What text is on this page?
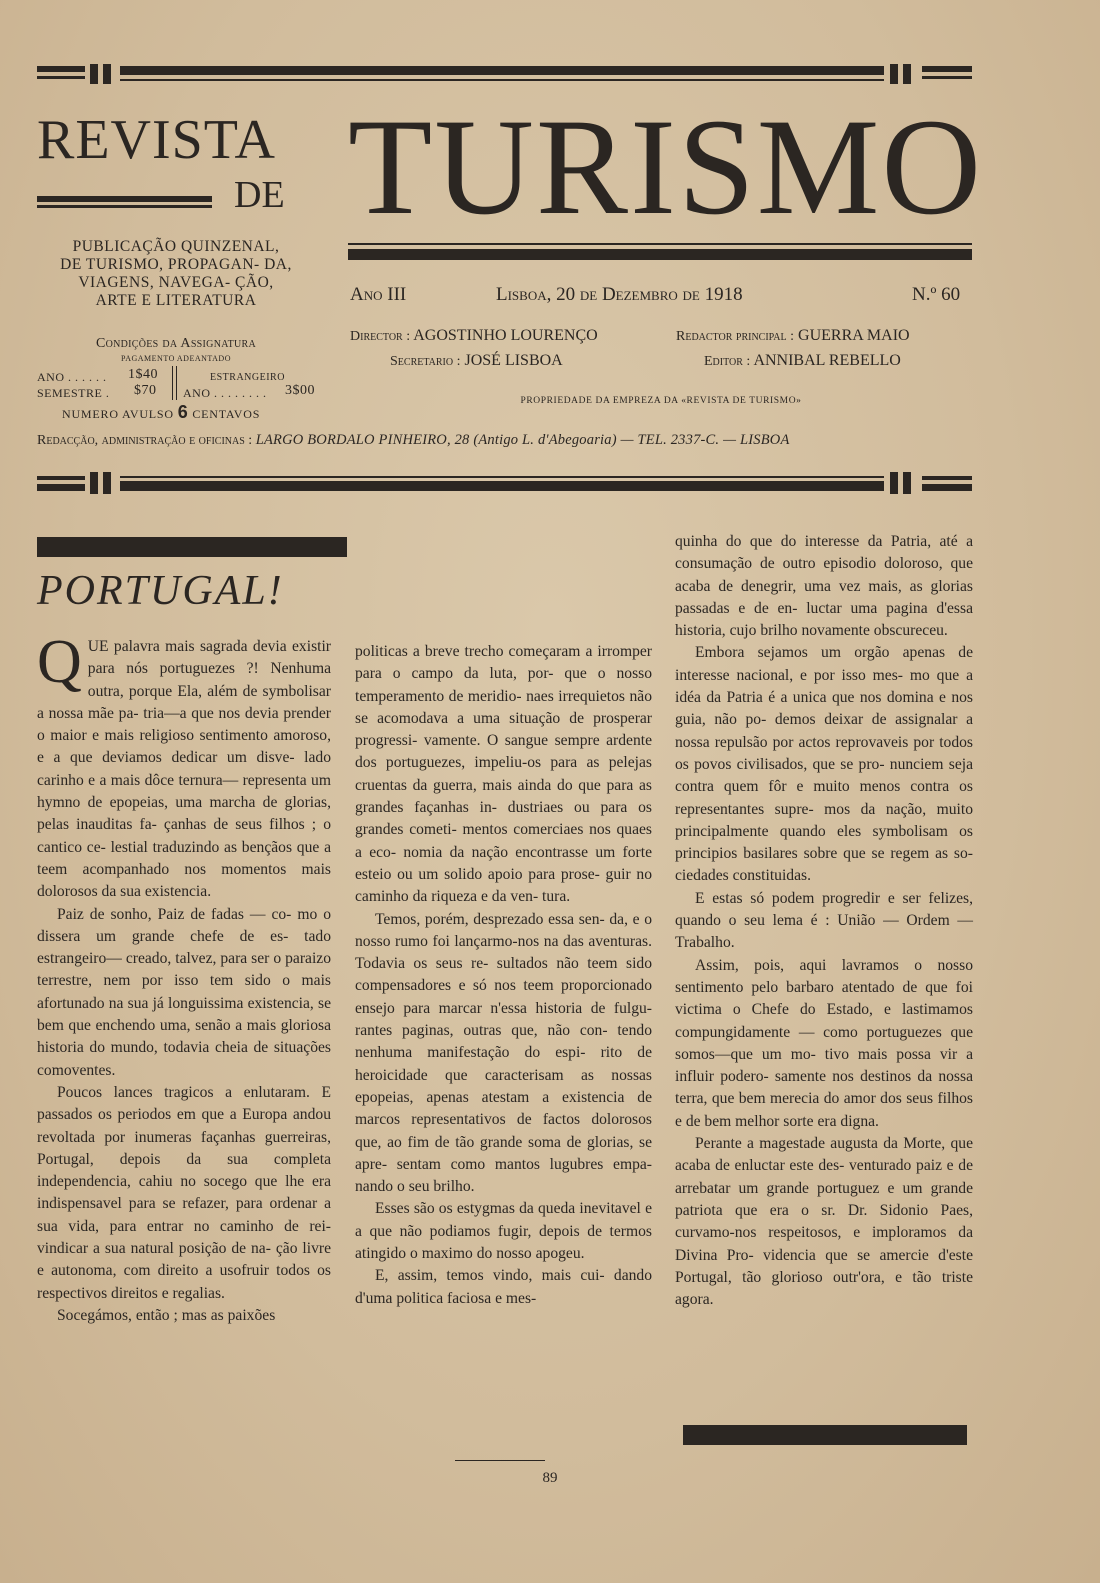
REVISTA
DE TURISMO
PUBLICAÇÃO QUINZENAL, DE TURISMO, PROPAGAN- DA, VIAGENS, NAVEGA- ÇÃO, ARTE E LITERATURA
Condições da Assignatura
PAGAMENTO ADEANTADO
ANO . . . . . . 1$40
SEMESTRE . $70
ESTRANGEIRO
ANO . . . . . . . . 3$00
NUMERO AVULSO 6 CENTAVOS
Ano III	Lisboa, 20 de Dezembro de 1918	N.º 60
Director : AGOSTINHO LOURENÇO	Redactor principal : GUERRA MAIO
Secretario : JOSÉ LISBOA	Editor : ANNIBAL REBELLO
PROPRIEDADE DA EMPREZA DA «REVISTA DE TURISMO»
Redacção, administração e oficinas : LARGO BORDALO PINHEIRO, 28 (Antigo L. d'Abegoaria) — TEL. 2337-C. — LISBOA
PORTUGAL!

QUE palavra mais sagrada devia existir para nós portuguezes ?! Nenhuma outra, porque Ela, além de symbolisar a nossa mãe pa- tria—a que nos devia prender o maior e mais religioso sentimento amoroso, e a que deviamos dedicar um disve- lado carinho e a mais dôce ternura— representa um hymno de epopeias, uma marcha de glorias, pelas inauditas fa- çanhas de seus filhos ; o cantico ce- lestial traduzindo as bençãos que a teem acompanhado nos momentos mais dolorosos da sua existencia.

Paiz de sonho, Paiz de fadas — co- mo o dissera um grande chefe de es- tado estrangeiro— creado, talvez, para ser o paraizo terrestre, nem por isso tem sido o mais afortunado na sua já longuissima existencia, se bem que enchendo uma, senão a mais gloriosa historia do mundo, todavia cheia de situações comoventes.

Poucos lances tragicos a enlutaram. E passados os periodos em que a Europa andou revoltada por inumeras façanhas guerreiras, Portugal, depois da sua completa independencia, cahiu no socego que lhe era indispensavel para se refazer, para ordenar a sua vida, para entrar no caminho de rei- vindicar a sua natural posição de na- ção livre e autonoma, com direito a usofruir todos os respectivos direitos e regalias.

Socegámos, então ; mas as paixões

politicas a breve trecho começaram a irromper para o campo da luta, por- que o nosso temperamento de meridio- naes irrequietos não se acomodava a uma situação de prosperar progressi- vamente. O sangue sempre ardente dos portuguezes, impeliu-os para as pelejas cruentas da guerra, mais ainda do que para as grandes façanhas in- dustriaes ou para os grandes cometi- mentos comerciaes nos quaes a eco- nomia da nação encontrasse um forte esteio ou um solido apoio para prose- guir no caminho da riqueza e da ven- tura.

Temos, porém, desprezado essa sen- da, e o nosso rumo foi lançarmo-nos na das aventuras. Todavia os seus re- sultados não teem sido compensadores e só nos teem proporcionado ensejo para marcar n'essa historia de fulgu- rantes paginas, outras que, não con- tendo nenhuma manifestação do espi- rito de heroicidade que caracterisam as nossas epopeias, apenas atestam a existencia de marcos representativos de factos dolorosos que, ao fim de tão grande soma de glorias, se apre- sentam como mantos lugubres empa- nando o seu brilho.

Esses são os estygmas da queda inevitavel e a que não podiamos fugir, depois de termos atingido o maximo do nosso apogeu.

E, assim, temos vindo, mais cui- dando d'uma politica faciosa e mes-

quinha do que do interesse da Patria, até a consumação de outro episodio doloroso, que acaba de denegrir, uma vez mais, as glorias passadas e de en- luctar uma pagina d'essa historia, cujo brilho novamente obscureceu.

Embora sejamos um orgão apenas de interesse nacional, e por isso mes- mo que a idéa da Patria é a unica que nos domina e nos guia, não po- demos deixar de assignalar a nossa repulsão por actos reprovaveis por todos os povos civilisados, que se pro- nunciem seja contra quem fôr e muito menos contra os representantes supre- mos da nação, muito principalmente quando eles symbolisam os principios basilares sobre que se regem as so- ciedades constituidas.

E estas só podem progredir e ser felizes, quando o seu lema é : União — Ordem — Trabalho.

Assim, pois, aqui lavramos o nosso sentimento pelo barbaro atentado de que foi victima o Chefe do Estado, e lastimamos compungidamente — como portuguezes que somos—que um mo- tivo mais possa vir a influir podero- samente nos destinos da nossa terra, que bem merecia do amor dos seus filhos e de bem melhor sorte era digna.

Perante a magestade augusta da Morte, que acaba de enluctar este des- venturado paiz e de arrebatar um grande portuguez e um grande patriota que era o sr. Dr. Sidonio Paes, curvamo-nos respeitosos, e imploramos da Divina Pro- videncia que se amercie d'este Portugal, tão glorioso outr'ora, e tão triste agora.

89
